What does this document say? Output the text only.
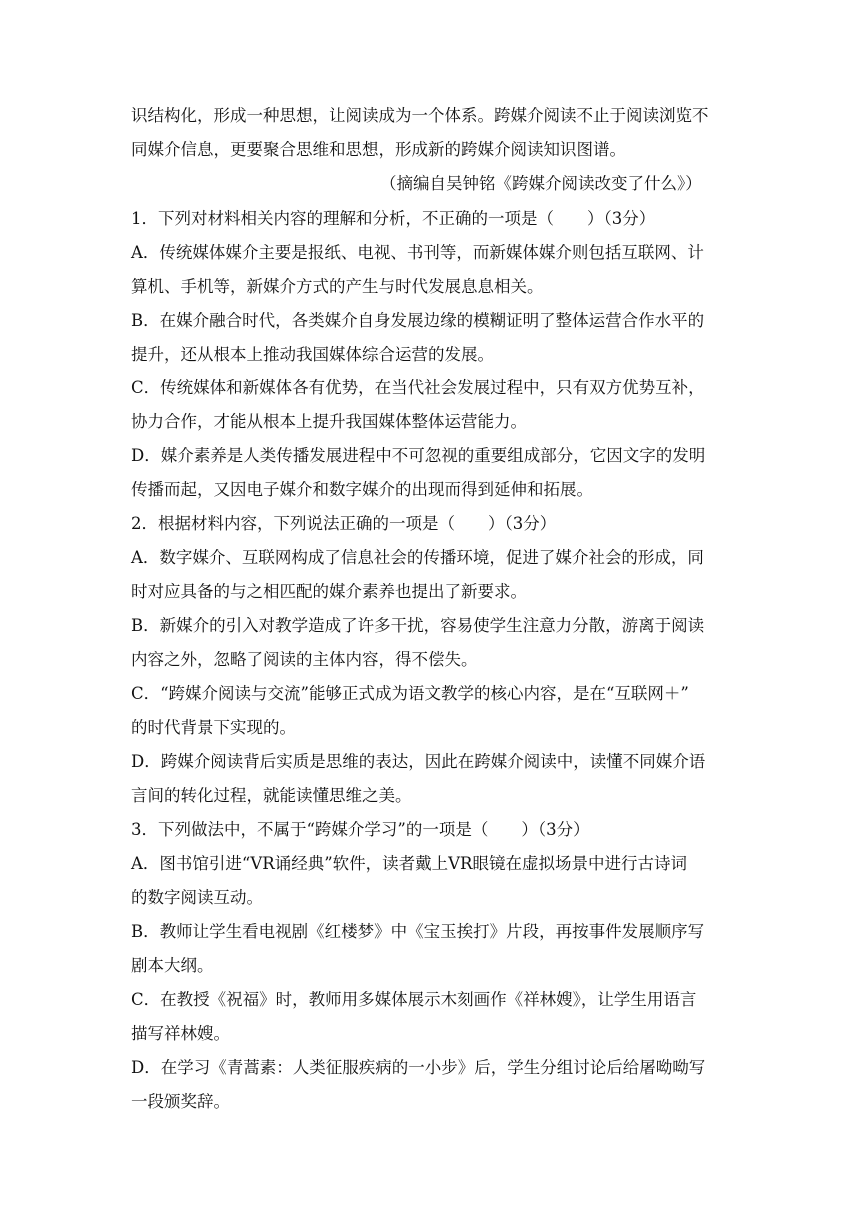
识结构化，形成一种思想，让阅读成为一个体系。跨媒介阅读不止于阅读浏览不
同媒介信息，更要聚合思维和思想，形成新的跨媒介阅读知识图谱。
（摘编自吴钟铭《跨媒介阅读改变了什么》）
1．下列对材料相关内容的理解和分析，不正确的一项是（　　）（3分）
A．传统媒体媒介主要是报纸、电视、书刊等，而新媒体媒介则包括互联网、计
算机、手机等，新媒介方式的产生与时代发展息息相关。
B．在媒介融合时代，各类媒介自身发展边缘的模糊证明了整体运营合作水平的
提升，还从根本上推动我国媒体综合运营的发展。
C．传统媒体和新媒体各有优势，在当代社会发展过程中，只有双方优势互补，
协力合作，才能从根本上提升我国媒体整体运营能力。
D．媒介素养是人类传播发展进程中不可忽视的重要组成部分，它因文字的发明
传播而起，又因电子媒介和数字媒介的出现而得到延伸和拓展。
2．根据材料内容，下列说法正确的一项是（　　）（3分）
A．数字媒介、互联网构成了信息社会的传播环境，促进了媒介社会的形成，同
时对应具备的与之相匹配的媒介素养也提出了新要求。
B．新媒介的引入对教学造成了许多干扰，容易使学生注意力分散，游离于阅读
内容之外，忽略了阅读的主体内容，得不偿失。
C．“跨媒介阅读与交流”能够正式成为语文教学的核心内容，是在“互联网＋”
的时代背景下实现的。
D．跨媒介阅读背后实质是思维的表达，因此在跨媒介阅读中，读懂不同媒介语
言间的转化过程，就能读懂思维之美。
3．下列做法中，不属于“跨媒介学习”的一项是（　　）（3分）
A．图书馆引进“VR诵经典”软件，读者戴上VR眼镜在虚拟场景中进行古诗词
的数字阅读互动。
B．教师让学生看电视剧《红楼梦》中《宝玉挨打》片段，再按事件发展顺序写
剧本大纲。
C．在教授《祝福》时，教师用多媒体展示木刻画作《祥林嫂》，让学生用语言
描写祥林嫂。
D．在学习《青蒿素：人类征服疾病的一小步》后，学生分组讨论后给屠呦呦写
一段颁奖辞。
